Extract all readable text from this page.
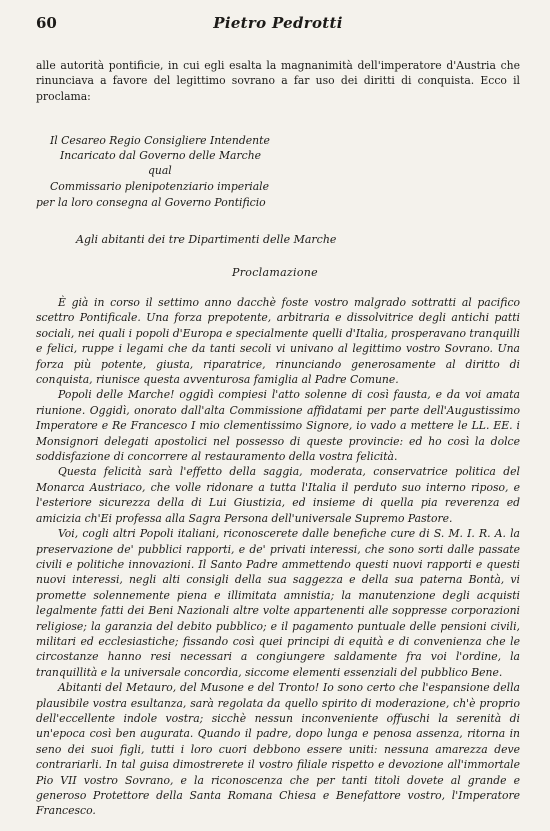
60	Pietro Pedrotti

alle autorità pontificie, in cui egli esalta la magnanimità dell'imperatore d'Austria che rinunciava a favore del legittimo sovrano a far uso dei diritti di conquista. Ecco il proclama:

Il Cesareo Regio Consigliere Intendente
Incaricato dal Governo delle Marche
qual
Commissario plenipotenziario imperiale
per la loro consegna al Governo Pontificio
Agli abitanti dei tre Dipartimenti delle Marche
Proclamazione

È già in corso il settimo anno dacchè foste vostro malgrado sottratti al pacifico scettro Pontificale. Una forza prepotente, arbitraria e dissolvitrice degli antichi patti sociali, nei quali i popoli d'Europa e specialmente quelli d'Italia, prosperavano tranquilli e felici, ruppe i legami che da tanti secoli vi univano al legittimo vostro Sovrano. Una forza più potente, giusta, riparatrice, rinunciando generosamente al diritto di conquista, riunisce questa avventurosa famiglia al Padre Comune.

Popoli delle Marche! oggidì compiesi l'atto solenne di così fausta, e da voi amata riunione. Oggidì, onorato dall'alta Commissione affidatami per parte dell'Augustissimo Imperatore e Re Francesco I mio clementissimo Signore, io vado a mettere le LL. EE. i Monsignori delegati apostolici nel possesso di queste provincie: ed ho così la dolce soddisfazione di concorrere al restauramento della vostra felicità.

Questa felicità sarà l'effetto della saggia, moderata, conservatrice politica del Monarca Austriaco, che volle ridonare a tutta l'Italia il perduto suo interno riposo, e l'esteriore sicurezza della di Lui Giustizia, ed insieme di quella pia reverenza ed amicizia ch'Ei professa alla Sagra Persona dell'universale Supremo Pastore.

Voi, cogli altri Popoli italiani, riconoscerete dalle benefiche cure di S. M. I. R. A. la preservazione de' pubblici rapporti, e de' privati interessi, che sono sorti dalle passate civili e politiche innovazioni. Il Santo Padre ammettendo questi nuovi rapporti e questi nuovi interessi, negli alti consigli della sua saggezza e della sua paterna Bontà, vi promette solennemente piena e illimitata amnistia; la manutenzione degli acquisti legalmente fatti dei Beni Nazionali altre volte appartenenti alle soppresse corporazioni religiose; la garanzia del debito pubblico; e il pagamento puntuale delle pensioni civili, militari ed ecclesiastiche; fissando così quei principi di equità e di convenienza che le circostanze hanno resi necessari a congiungere saldamente fra voi l'ordine, la tranquillità e la universale concordia, siccome elementi essenziali del pubblico Bene.

Abitanti del Metauro, del Musone e del Tronto! Io sono certo che l'espansione della plausibile vostra esultanza, sarà regolata da quello spirito di moderazione, ch'è proprio dell'eccellente indole vostra; sicchè nessun inconveniente offuschi la serenità di un'epoca così ben augurata. Quando il padre, dopo lunga e penosa assenza, ritorna in seno dei suoi figli, tutti i loro cuori debbono essere uniti: nessuna amarezza deve contrariarli. In tal guisa dimostrerete il vostro filiale rispetto e devozione all'immortale Pio VII vostro Sovrano, e la riconoscenza che per tanti titoli dovete al grande e generoso Protettore della Santa Romana Chiesa e Benefattore vostro, l'Imperatore Francesco.
